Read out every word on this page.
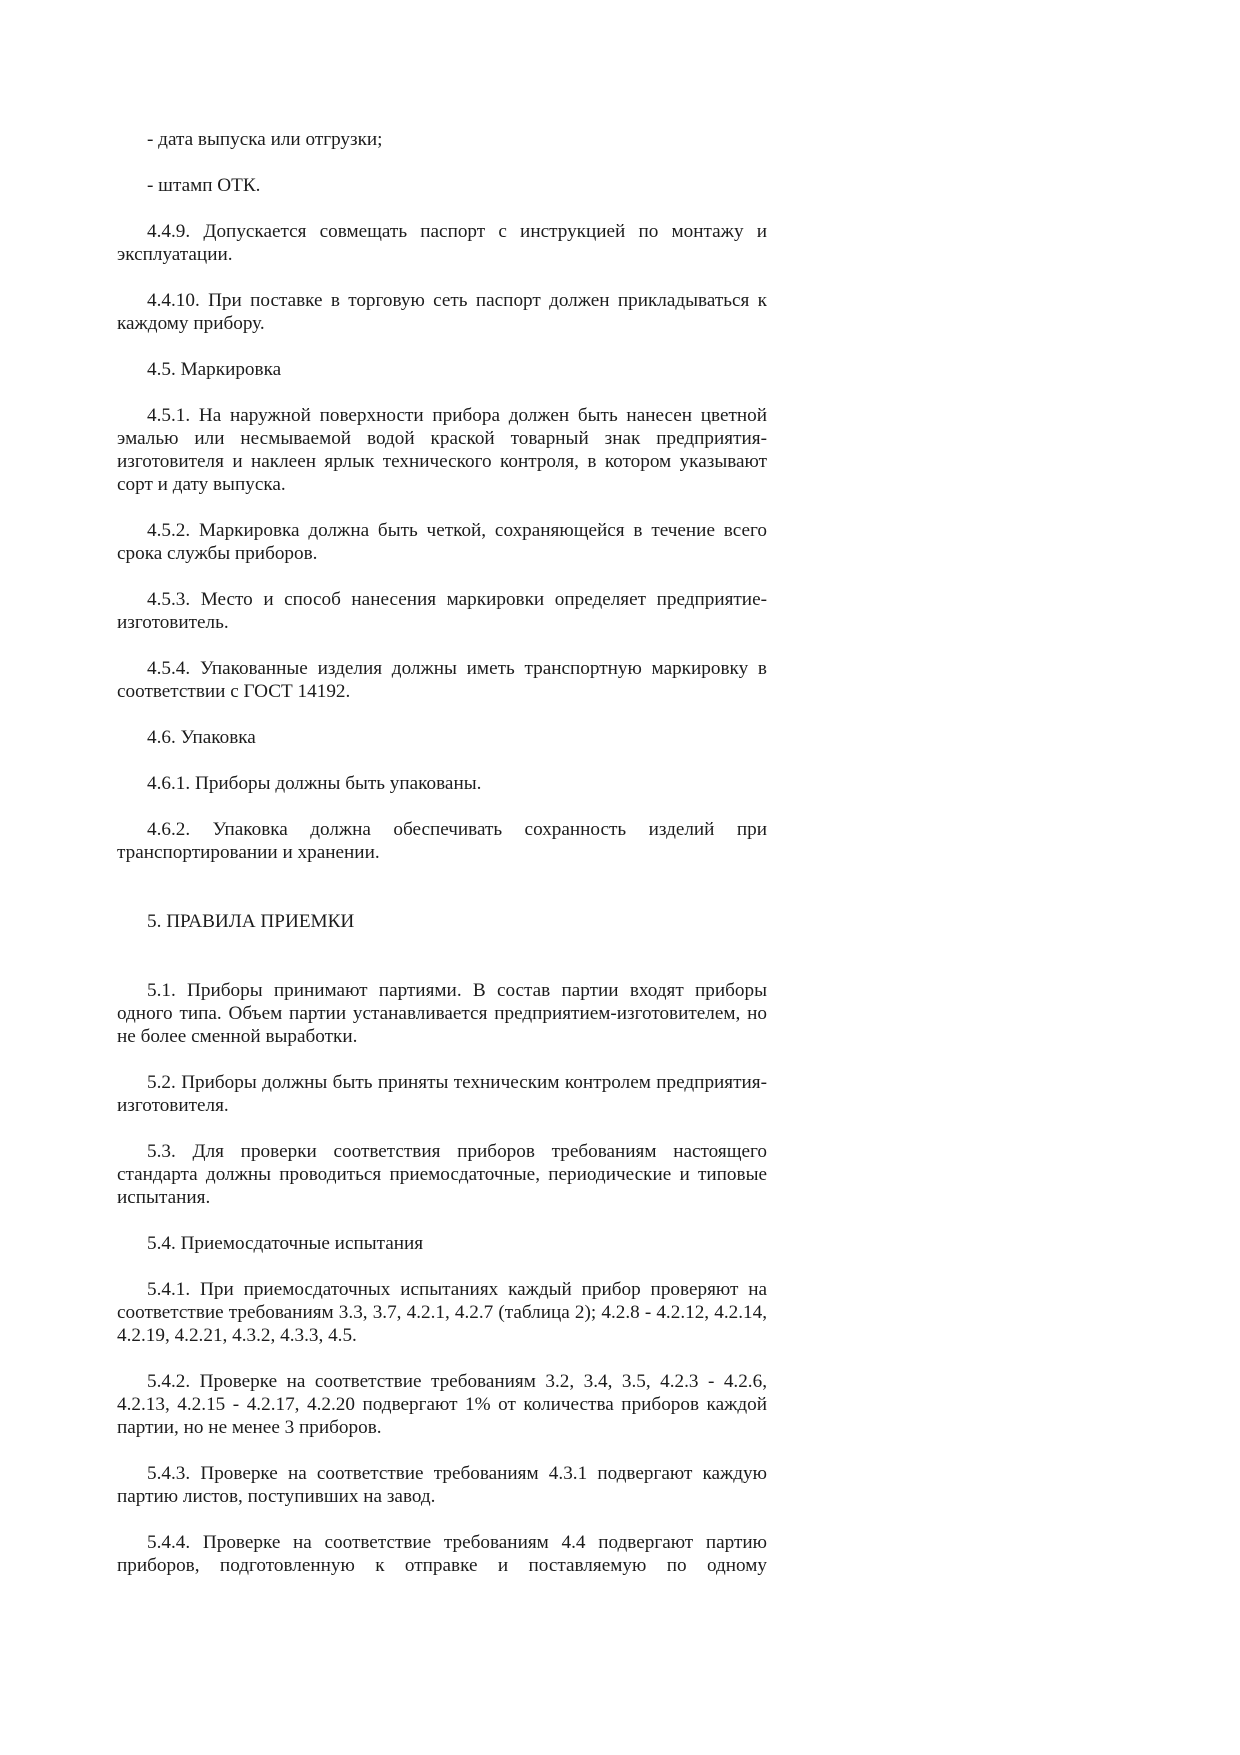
- дата выпуска или отгрузки;

- штамп ОТК.

4.4.9. Допускается совмещать паспорт с инструкцией по монтажу и эксплуатации.

4.4.10. При поставке в торговую сеть паспорт должен прикладываться к каждому прибору.

4.5. Маркировка

4.5.1. На наружной поверхности прибора должен быть нанесен цветной эмалью или несмываемой водой краской товарный знак предприятия-изготовителя и наклеен ярлык технического контроля, в котором указывают сорт и дату выпуска.

4.5.2. Маркировка должна быть четкой, сохраняющейся в течение всего срока службы приборов.

4.5.3. Место и способ нанесения маркировки определяет предприятие-изготовитель.

4.5.4. Упакованные изделия должны иметь транспортную маркировку в соответствии с ГОСТ 14192.

4.6. Упаковка

4.6.1. Приборы должны быть упакованы.

4.6.2. Упаковка должна обеспечивать сохранность изделий при транспортировании и хранении.

5. ПРАВИЛА ПРИЕМКИ

5.1. Приборы принимают партиями. В состав партии входят приборы одного типа. Объем партии устанавливается предприятием-изготовителем, но не более сменной выработки.

5.2. Приборы должны быть приняты техническим контролем предприятия-изготовителя.

5.3. Для проверки соответствия приборов требованиям настоящего стандарта должны проводиться приемосдаточные, периодические и типовые испытания.

5.4. Приемосдаточные испытания

5.4.1. При приемосдаточных испытаниях каждый прибор проверяют на соответствие требованиям 3.3, 3.7, 4.2.1, 4.2.7 (таблица 2); 4.2.8 - 4.2.12, 4.2.14, 4.2.19, 4.2.21, 4.3.2, 4.3.3, 4.5.

5.4.2. Проверке на соответствие требованиям 3.2, 3.4, 3.5, 4.2.3 - 4.2.6, 4.2.13, 4.2.15 - 4.2.17, 4.2.20 подвергают 1% от количества приборов каждой партии, но не менее 3 приборов.

5.4.3. Проверке на соответствие требованиям 4.3.1 подвергают каждую партию листов, поступивших на завод.

5.4.4. Проверке на соответствие требованиям 4.4 подвергают партию приборов, подготовленную к отправке и поставляемую по одному
